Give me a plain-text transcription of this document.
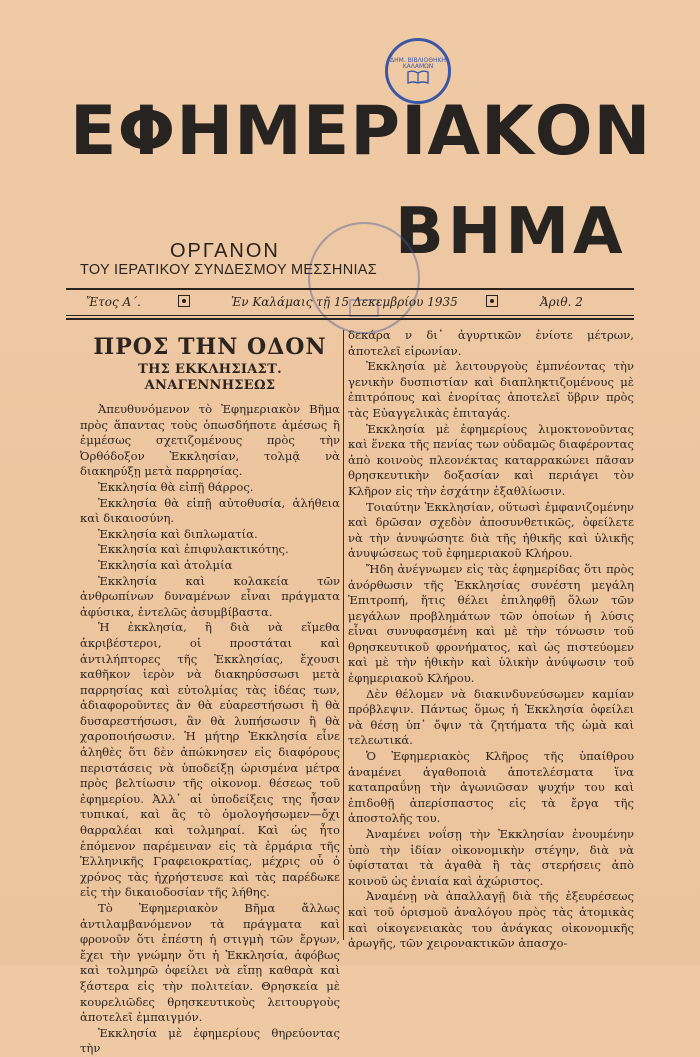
ΔΗΜ. ΒΙΒΛΙΟΘΗΚΗ ΚΑΛΑΜΩΝ
ΕΦΗΜΕΡΙΑΚΟΝ
ΒΗΜΑ
ΟΡΓΑΝΟΝ
ΤΟΥ ΙΕΡΑΤΙΚΟΥ ΣΥΝΔΕΣΜΟΥ ΜΕΣΣΗΝΙΑΣ
Ἔτος Α΄.	Ἐν Καλάμαις τῇ 15 Δεκεμβρίου 1935	Ἀριθ. 2
ΠΡΟΣ ΤΗΝ ΟΔΟΝ
ΤΗΣ ΕΚΚΛΗΣΙΑΣΤ. ΑΝΑΓΕΝΝΗΣΕΩΣ

Ἀπευθυνόμενον τὸ Ἐφημεριακὸν Βῆμα πρὸς ἅπαντας τοὺς ὁπωσδήποτε ἀμέσως ἢ ἐμμέσως σχετιζομένους πρὸς τὴν Ὀρθόδοξον Ἐκκλησίαν, τολμᾷ νὰ διακηρύξῃ μετὰ παρρησίας.

Ἐκκλησία θὰ εἰπῇ θάρρος.

Ἐκκλησία θὰ εἰπῇ αὐτοθυσία, ἀλήθεια καὶ δικαιοσύνη.

Ἐκκλησία καὶ διπλωματία.

Ἐκκλησία καὶ ἐπιφυλακτικότης.

Ἐκκλησία καὶ ἀτολμία

Ἐκκλησία καὶ κολακεία τῶν ἀνθρωπίνων δυναμένων εἶναι πράγματα ἀφύσικα, ἐντελῶς ἀσυμβίβαστα.

Ἡ ἐκκλησία, ἢ διὰ νὰ εἴμεθα ἀκριβέστεροι, οἱ προστάται καὶ ἀντιλήπτορες τῆς Ἐκκλησίας, ἔχουσι καθῆκον ἱερὸν νὰ διακηρύσσωσι μετὰ παρρησίας καὶ εὐτολμίας τὰς ἰδέας των, ἀδιαφοροῦντες ἂν θὰ εὐαρεστήσωσι ἢ θὰ δυσαρεστήσωσι, ἂν θὰ λυπήσωσιν ἢ θὰ χαροποιήσωσιν. Ἡ μήτηρ Ἐκκλησία εἶνε ἀληθὲς ὅτι δὲν ἀπώκνησεν εἰς διαφόρους περιστάσεις νὰ ὑποδείξῃ ὡρισμένα μέτρα πρὸς βελτίωσιν τῆς οἰκονομ. θέσεως τοῦ ἐφημερίου. Ἀλλ᾽ αἱ ὑποδείξεις της ἦσαν τυπικαί, καὶ ἂς τὸ ὁμολογήσωμεν—ὄχι θαρραλέαι καὶ τολμηραί. Καὶ ὡς ἦτο ἑπόμενον παρέμειναν εἰς τὰ ἐρμάρια τῆς Ἑλληνικῆς Γραφειοκρατίας, μέχρις οὗ ὁ χρόνος τὰς ἠχρήστευσε καὶ τὰς παρέδωκε εἰς τὴν δικαιοδοσίαν τῆς λήθης.

Τὸ Ἐφημεριακὸν Βῆμα ἄλλως ἀντιλαμβανόμενον τὰ πράγματα καὶ φρονοῦν ὅτι ἐπέστη ἡ στιγμὴ τῶν ἔργων, ἔχει τὴν γνώμην ὅτι ἡ Ἐκκλησία, ἀφόβως καὶ τολμηρῶ ὀφείλει νὰ εἴπῃ καθαρὰ καὶ ξάστερα εἰς τὴν πολιτείαν. Θρησκεία μὲ κουρελιῶδες θρησκευτικοὺς λειτουργοὺς ἀποτελεῖ ἐμπαιγμόν.

Ἐκκλησία μὲ ἐφημερίους θηρεύοντας τὴν

δεκάρα ν δι᾽ ἀγυρτικῶν ἐνίοτε μέτρων, ἀποτελεῖ εἰρωνίαν.

Ἐκκλησία μὲ λειτουργοὺς ἐμπνέοντας τὴν γενικὴν δυσπιστίαν καὶ διαπληκτιζομένους μὲ ἐπιτρόπους καὶ ἐνορίτας ἀποτελεῖ ὕβριν πρὸς τὰς Εὐαγγελικὰς ἐπιταγάς.

Ἐκκλησία μὲ ἐφημερίους λιμοκτονοῦντας καὶ ἕνεκα τῆς πενίας των οὐδαμῶς διαφέροντας ἀπὸ κοινοὺς πλεονέκτας καταρρακώνει πᾶσαν θρησκευτικὴν δοξασίαν καὶ περιάγει τὸν Κλῆρον εἰς τὴν ἐσχάτην ἐξαθλίωσιν.

Τοιαύτην Ἐκκλησίαν, οὕτωσὶ ἐμφανιζομένην καὶ δρῶσαν σχεδὸν ἀποσυνθετικῶς, ὀφείλετε νὰ τὴν ἀνυψώσητε διὰ τῆς ἠθικῆς καὶ ὑλικῆς ἀνυψώσεως τοῦ ἐφημεριακοῦ Κλήρου.

Ἤδη ἀνέγνωμεν εἰς τὰς ἐφημερίδας ὅτι πρὸς ἀνόρθωσιν τῆς Ἐκκλησίας συνέστη μεγάλη Ἐπιτροπή, ἥτις θέλει ἐπιληφθῇ ὅλων τῶν μεγάλων προβλημάτων τῶν ὁποίων ἡ λύσις εἶναι συνυφασμένη καὶ μὲ τὴν τόνωσιν τοῦ θρησκευτικοῦ φρονήματος, καὶ ὡς πιστεύομεν καὶ μὲ τὴν ἠθικὴν καὶ ὑλικὴν ἀνύψωσιν τοῦ ἐφημεριακοῦ Κλήρου.

Δὲν θέλομεν νὰ διακινδυνεύσωμεν καμίαν πρόβλεψιν. Πάντως ὅμως ἡ Ἐκκλησία ὀφείλει νὰ θέσῃ ὑπ᾽ ὄψιν τὰ ζητήματα τῆς ὡμὰ καὶ τελεωτικά.

Ὁ Ἐφημεριακὸς Κλῆρος τῆς ὑπαίθρου ἀναμένει ἀγαθοποιὰ ἀποτελέσματα ἵνα καταπραΰνῃ τὴν ἀγωνιῶσαν ψυχήν του καὶ ἐπιδοθῇ ἀπερίσπαστος εἰς τὰ ἔργα τῆς ἀποστολῆς του.

Ἀναμένει νοΐσῃ τὴν Ἐκκλησίαν ἐνουμένην ὑπὸ τὴν ἰδίαν οἰκονομικὴν στέγην, διὰ νὰ ὑφίσταται τὰ ἀγαθὰ ἢ τὰς στερήσεις ἀπὸ κοινοῦ ὡς ἑνιαία καὶ ἀχώριστος.

Ἀναμένῃ νὰ ἀπαλλαγῇ διὰ τῆς ἐξευρέσεως καὶ τοῦ ὁρισμοῦ ἀναλόγου πρὸς τὰς ἀτομικὰς καὶ οἰκογενειακὰς του ἀνάγκας οἰκονομικῆς ἀρωγῆς, τῶν χειρονακτικῶν ἀπασχο-
